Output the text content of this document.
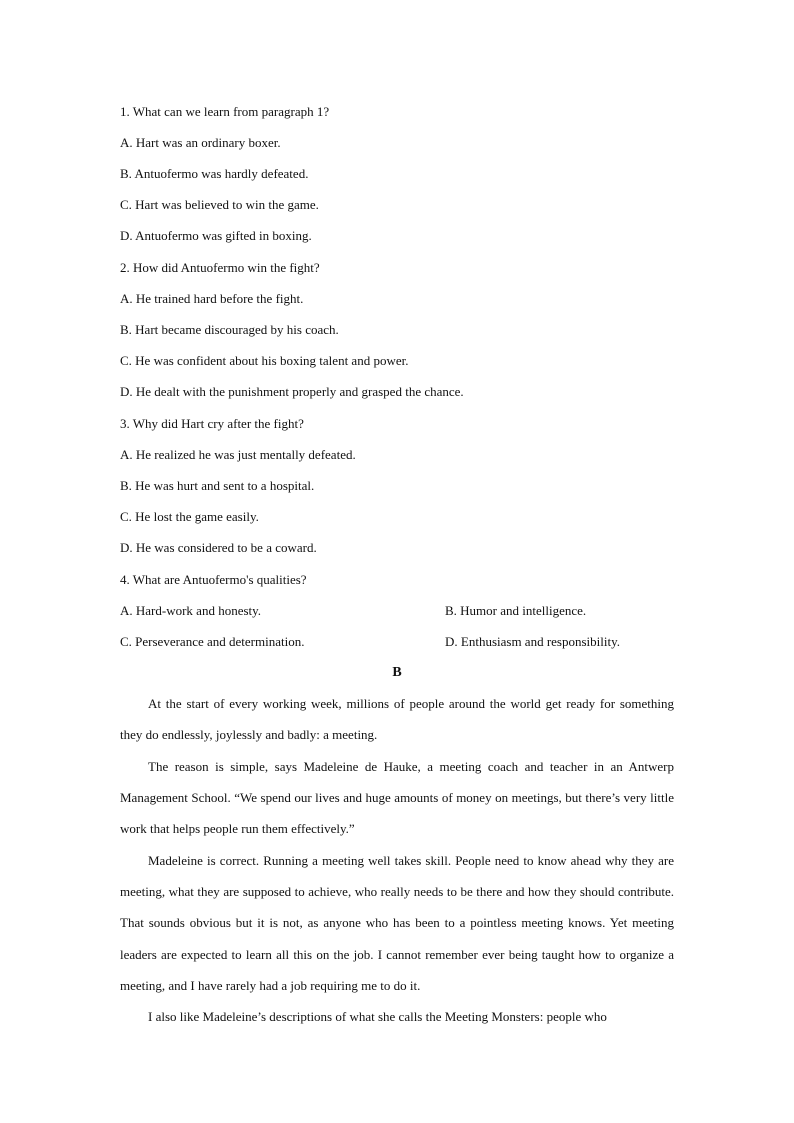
1. What can we learn from paragraph 1?
A. Hart was an ordinary boxer.
B. Antuofermo was hardly defeated.
C. Hart was believed to win the game.
D. Antuofermo was gifted in boxing.
2. How did Antuofermo win the fight?
A. He trained hard before the fight.
B. Hart became discouraged by his coach.
C. He was confident about his boxing talent and power.
D. He dealt with the punishment properly and grasped the chance.
3. Why did Hart cry after the fight?
A. He realized he was just mentally defeated.
B. He was hurt and sent to a hospital.
C. He lost the game easily.
D. He was considered to be a coward.
4. What are Antuofermo's qualities?
A. Hard-work and honesty.	B. Humor and intelligence.
C. Perseverance and determination.	D. Enthusiasm and responsibility.
B

At the start of every working week, millions of people around the world get ready for something they do endlessly, joylessly and badly: a meeting.

The reason is simple, says Madeleine de Hauke, a meeting coach and teacher in an Antwerp Management School. “We spend our lives and huge amounts of money on meetings, but there’s very little work that helps people run them effectively.”

Madeleine is correct. Running a meeting well takes skill. People need to know ahead why they are meeting, what they are supposed to achieve, who really needs to be there and how they should contribute. That sounds obvious but it is not, as anyone who has been to a pointless meeting knows. Yet meeting leaders are expected to learn all this on the job. I cannot remember ever being taught how to organize a meeting, and I have rarely had a job requiring me to do it.

I also like Madeleine’s descriptions of what she calls the Meeting Monsters: people who
